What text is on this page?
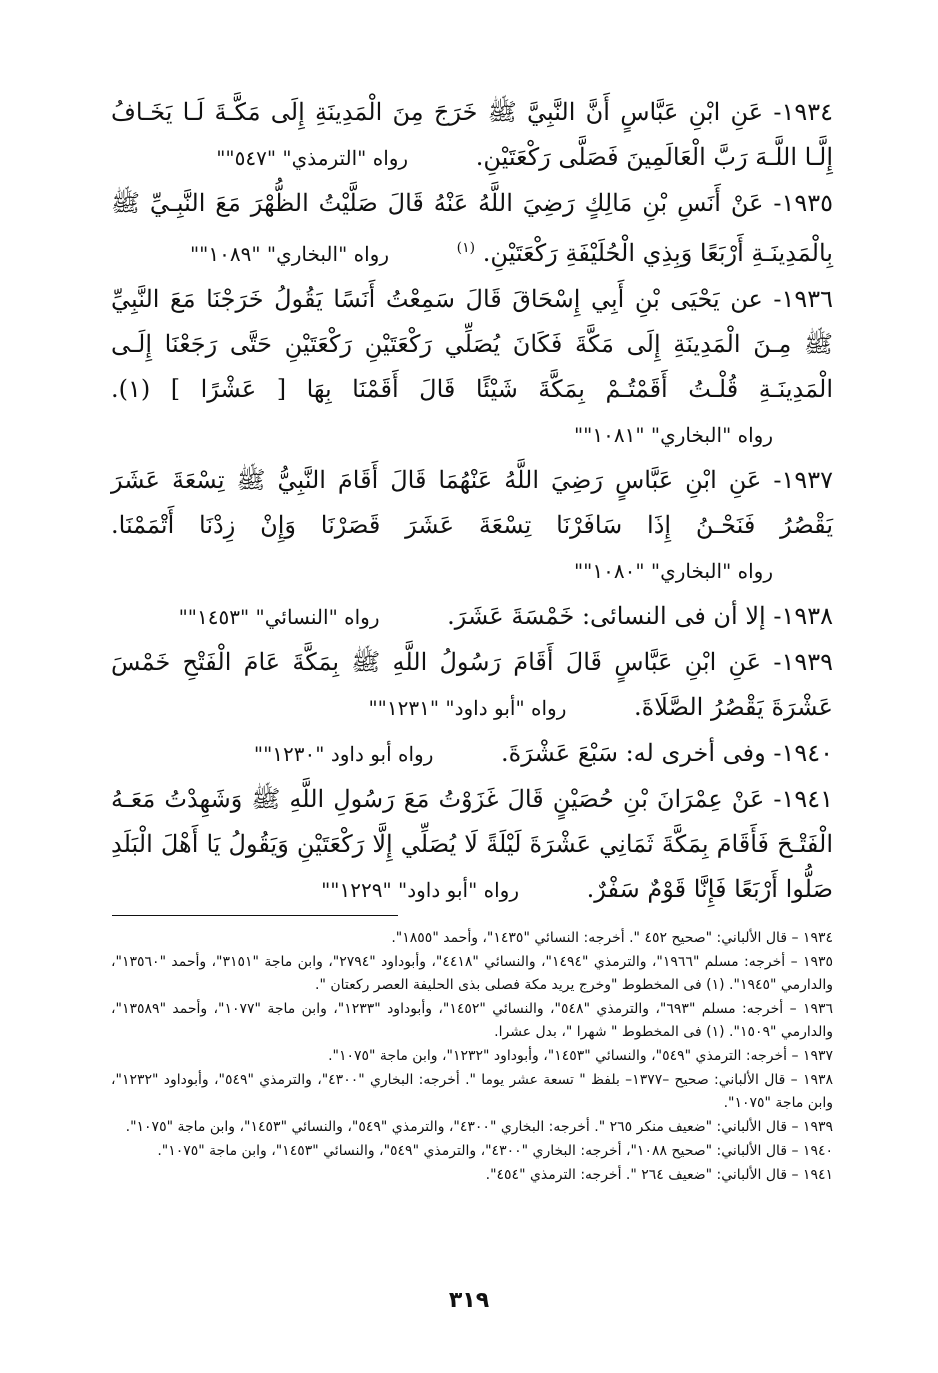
١٩٣٤- عَنِ ابْنِ عَبَّاسٍ أَنَّ النَّبِيَّ ﷺ خَرَجَ مِنَ الْمَدِينَةِ إِلَى مَكَّـةَ لَـا يَخَـافُ إِلَّـا اللَّـهَ رَبَّ الْعَالَمِينَ فَصَلَّى رَكْعَتَيْنِ. رواه "الترمذي" "٥٤٧""
١٩٣٥- عَنْ أَنَسِ بْنِ مَالِكٍ رَضِيَ اللَّهُ عَنْهُ قَالَ صَلَّيْتُ الظُّهْرَ مَعَ النَّبِـيِّ ﷺ بِالْمَدِينَـةِ أَرْبَعًا وَبِذِي الْحُلَيْفَةِ رَكْعَتَيْنِ. $^{(١)}$ رواه "البخاري" "١٠٨٩""
١٩٣٦- عن يَحْيَى بْنِ أَبِي إِسْحَاقَ قَالَ سَمِعْتُ أَنَسًا يَقُولُ خَرَجْنَا مَعَ النَّبِيِّ ﷺ مِـنَ الْمَدِينَةِ إِلَى مَكَّةَ فَكَانَ يُصَلِّي رَكْعَتَيْنِ رَكْعَتَيْنِ حَتَّى رَجَعْنَا إِلَـى الْمَدِينَـةِ قُلْـتُ أَقَمْتُـمْ بِمَكَّةَ شَيْئًا قَالَ أَقَمْنَا بِهَا [ عَشْرًا ] (١). رواه "البخاري" "١٠٨١""
١٩٣٧- عَنِ ابْنِ عَبَّاسٍ رَضِيَ اللَّهُ عَنْهُمَا قَالَ أَقَامَ النَّبِيُّ ﷺ تِسْعَةَ عَشَرَ يَقْصُرُ فَنَحْـنُ إِذَا سَافَرْنَا تِسْعَةَ عَشَرَ قَصَرْنَا وَإِنْ زِدْنَا أَتْمَمْنَا. رواه "البخاري" "١٠٨٠""
١٩٣٨- إلا أن فى النسائى: خَمْسَةَ عَشَرَ. رواه "النسائي" "١٤٥٣""
١٩٣٩- عَنِ ابْنِ عَبَّاسٍ قَالَ أَقَامَ رَسُولُ اللَّهِ ﷺ بِمَكَّةَ عَامَ الْفَتْحِ خَمْسَ عَشْرَةَ يَقْصُرُ الصَّلَاةَ. رواه "أبو داود" "١٢٣١""
١٩٤٠- وفى أخرى له: سَبْعَ عَشْرَةَ. رواه أبو داود "١٢٣٠""
١٩٤١- عَنْ عِمْرَانَ بْنِ حُصَيْنٍ قَالَ غَزَوْتُ مَعَ رَسُولِ اللَّهِ ﷺ وَشَهِدْتُ مَعَـهُ الْفَتْـحَ فَأَقَامَ بِمَكَّةَ ثَمَانِي عَشْرَةَ لَيْلَةً لَا يُصَلِّي إِلَّا رَكْعَتَيْنِ وَيَقُولُ يَا أَهْلَ الْبَلَدِ صَلُّوا أَرْبَعًا فَإِنَّا قَوْمٌ سَفْرٌ. رواه "أبو داود" "١٢٢٩""

١٩٣٤ – قال الألباني: "صحيح ٤٥٢ ". أخرجه: النسائي "١٤٣٥"، وأحمد "١٨٥٥".

١٩٣٥ – أخرجه: مسلم "١٩٦٦"، والترمذي "١٤٩٤"، والنسائي "٤٤١٨"، وأبوداود "٢٧٩٤"، وابن ماجة "٣١٥١"، وأحمد "١٣٥٦٠"، والدارمي "١٩٤٥". (١) فى المخطوط "وخرج يريد مكة فصلى بذى الحليفة العصر ركعتان ".

١٩٣٦ – أخرجه: مسلم "٦٩٣"، والترمذي "٥٤٨"، والنسائي "١٤٥٢"، وأبوداود "١٢٣٣"، وابن ماجة "١٠٧٧"، وأحمد "١٣٥٨٩"، والدارمي "١٥٠٩". (١) فى المخطوط " شهرا "، بدل عشرا.

١٩٣٧ – أخرجه: الترمذي "٥٤٩"، والنسائي "١٤٥٣"، وأبوداود "١٢٣٢"، وابن ماجة "١٠٧٥".

١٩٣٨ – قال الألباني: صحيح –١٣٧٧– بلفظ " تسعة عشر يوما ". أخرجه: البخاري "٤٣٠٠"، والترمذي "٥٤٩"، وأبوداود "١٢٣٢"، وابن ماجة "١٠٧٥".

١٩٣٩ – قال الألباني: "ضعيف منكر ٢٦٥ ". أخرجه: البخاري "٤٣٠٠"، والترمذي "٥٤٩"، والنسائي "١٤٥٣"، وابن ماجة "١٠٧٥".

١٩٤٠ – قال الألباني: "صحيح ١٠٨٨"، أخرجه: البخاري "٤٣٠٠"، والترمذي "٥٤٩"، والنسائي "١٤٥٣"، وابن ماجة "١٠٧٥".

١٩٤١ – قال الألباني: "ضعيف ٢٦٤ ". أخرجه: الترمذي "٤٥٤".

٣١٩
